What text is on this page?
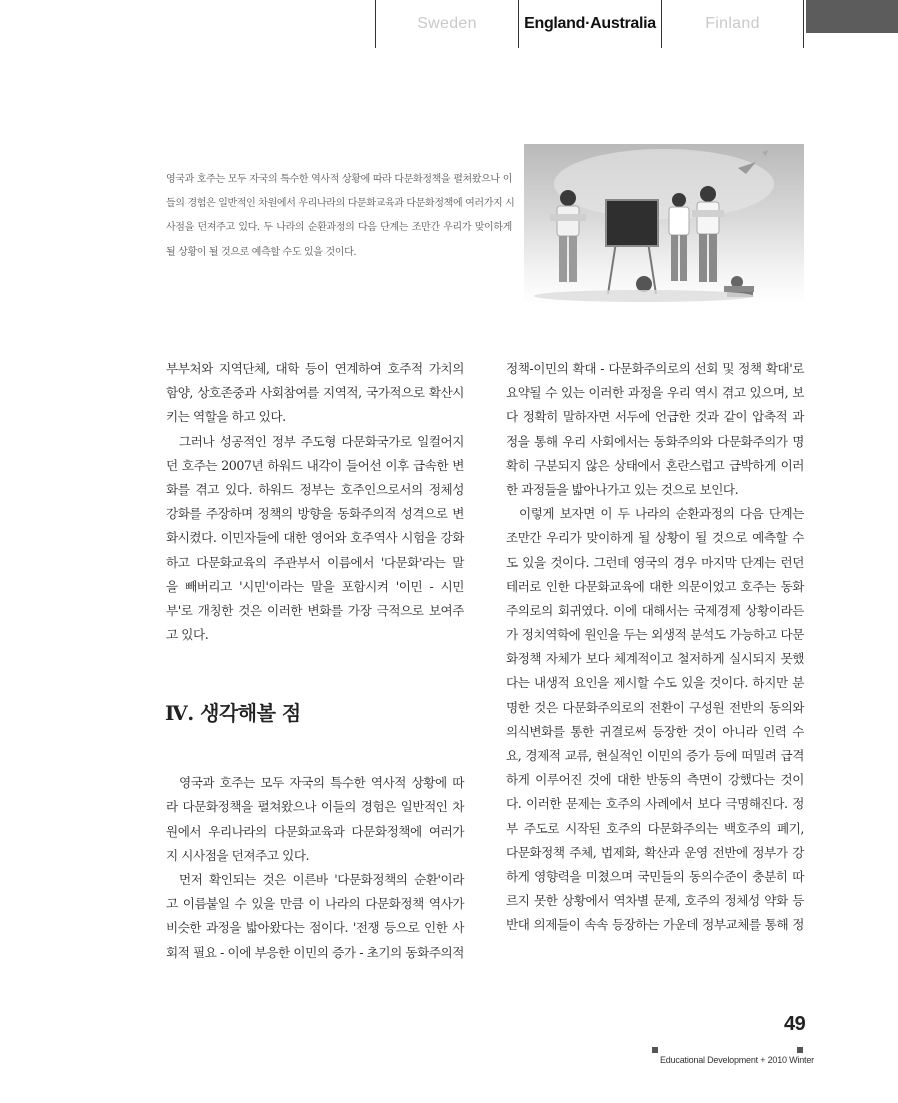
Sweden	England·Australia	Finland
영국과 호주는 모두 자국의 특수한 역사적 상황에 따라 다문화정책을 펼쳐왔으나 이
들의 경험은 일반적인 차원에서 우리나라의 다문화교육과 다문화정책에 여러가지 시
사점을 던져주고 있다. 두 나라의 순환과정의 다음 단계는 조만간 우리가 맞이하게
될 상황이 될 것으로 예측할 수도 있을 것이다.
부부처와 지역단체, 대학 등이 연계하여 호주적 가치의
함양, 상호존중과 사회참여를 지역적, 국가적으로 확산시
키는 역할을 하고 있다.
그러나 성공적인 정부 주도형 다문화국가로 일컬어지
던 호주는 2007년 하워드 내각이 들어선 이후 급속한 변
화를 겪고 있다. 하워드 정부는 호주인으로서의 정체성
강화를 주장하며 정책의 방향을 동화주의적 성격으로 변
화시켰다. 이민자들에 대한 영어와 호주역사 시험을 강화
하고 다문화교육의 주관부서 이름에서 '다문화'라는 말
을 빼버리고 '시민'이라는 말을 포함시켜 '이민 - 시민
부'로 개칭한 것은 이러한 변화를 가장 극적으로 보여주
고 있다.
영국과 호주는 모두 자국의 특수한 역사적 상황에 따
라 다문화정책을 펼쳐왔으나 이들의 경험은 일반적인 차
원에서 우리나라의 다문화교육과 다문화정책에 여러가
지 시사점을 던져주고 있다.
먼저 확인되는 것은 이른바 '다문화정책의 순환'이라
고 이름붙일 수 있을 만큼 이 나라의 다문화정책 역사가
비슷한 과정을 밟아왔다는 점이다. '전쟁 등으로 인한 사
회적 필요 - 이에 부응한 이민의 증가 - 초기의 동화주의적
Ⅳ. 생각해볼 점
정책-이민의 확대 - 다문화주의로의 선회 및 정책 확대'로
요약될 수 있는 이러한 과정을 우리 역시 겪고 있으며, 보
다 정확히 말하자면 서두에 언급한 것과 같이 압축적 과
정을 통해 우리 사회에서는 동화주의와 다문화주의가 명
확히 구분되지 않은 상태에서 혼란스럽고 급박하게 이러
한 과정들을 밟아나가고 있는 것으로 보인다.
이렇게 보자면 이 두 나라의 순환과정의 다음 단계는
조만간 우리가 맞이하게 될 상황이 될 것으로 예측할 수
도 있을 것이다. 그런데 영국의 경우 마지막 단계는 런던
테러로 인한 다문화교육에 대한 의문이었고 호주는 동화
주의로의 회귀였다. 이에 대해서는 국제경제 상황이라든
가 정치역학에 원인을 두는 외생적 분석도 가능하고 다문
화정책 자체가 보다 체계적이고 철저하게 실시되지 못했
다는 내생적 요인을 제시할 수도 있을 것이다. 하지만 분
명한 것은 다문화주의로의 전환이 구성원 전반의 동의와
의식변화를 통한 귀결로써 등장한 것이 아니라 인력 수
요, 경제적 교류, 현실적인 이민의 증가 등에 떠밀려 급격
하게 이루어진 것에 대한 반동의 측면이 강했다는 것이
다. 이러한 문제는 호주의 사례에서 보다 극명해진다. 정
부 주도로 시작된 호주의 다문화주의는 백호주의 폐기,
다문화정책 주체, 법제화, 확산과 운영 전반에 정부가 강
하게 영향력을 미쳤으며 국민들의 동의수준이 충분히 따
르지 못한 상황에서 역차별 문제, 호주의 정체성 약화 등
반대 의제들이 속속 등장하는 가운데 정부교체를 통해 정
49
Educational Development + 2010 Winter
